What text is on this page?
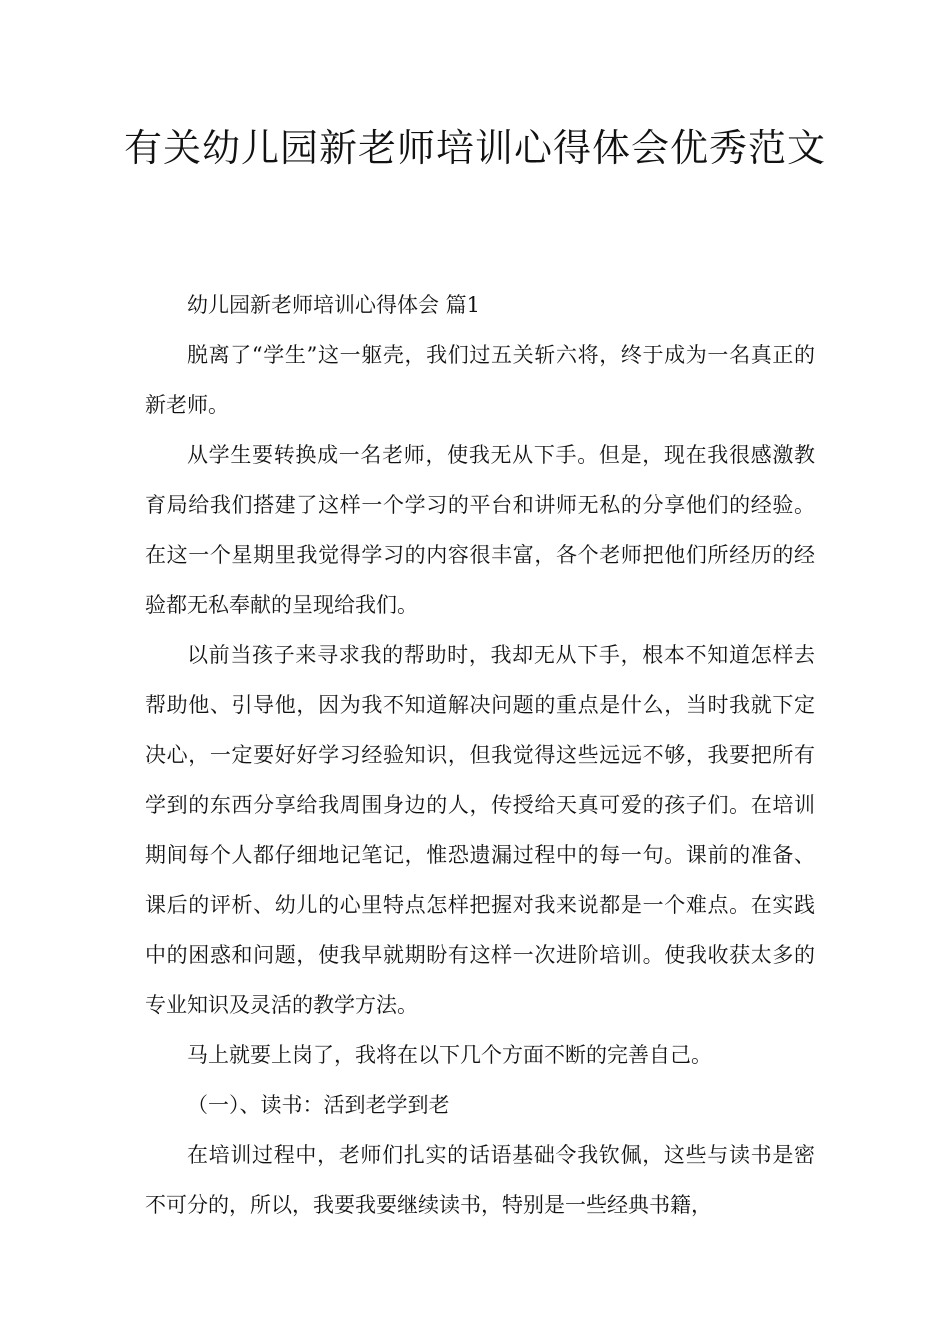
有关幼儿园新老师培训心得体会优秀范文

幼儿园新老师培训心得体会 篇1

脱离了“学生”这一躯壳，我们过五关斩六将，终于成为一名真正的新老师。

从学生要转换成一名老师，使我无从下手。但是，现在我很感激教育局给我们搭建了这样一个学习的平台和讲师无私的分享他们的经验。在这一个星期里我觉得学习的内容很丰富，各个老师把他们所经历的经验都无私奉献的呈现给我们。

以前当孩子来寻求我的帮助时，我却无从下手，根本不知道怎样去帮助他、引导他，因为我不知道解决问题的重点是什么，当时我就下定决心，一定要好好学习经验知识，但我觉得这些远远不够，我要把所有学到的东西分享给我周围身边的人，传授给天真可爱的孩子们。在培训期间每个人都仔细地记笔记，惟恐遗漏过程中的每一句。课前的准备、课后的评析、幼儿的心里特点怎样把握对我来说都是一个难点。在实践中的困惑和问题，使我早就期盼有这样一次进阶培训。使我收获太多的专业知识及灵活的教学方法。

马上就要上岗了，我将在以下几个方面不断的完善自己。

（一）、读书：活到老学到老

在培训过程中，老师们扎实的话语基础令我钦佩，这些与读书是密不可分的，所以，我要我要继续读书，特别是一些经典书籍，
